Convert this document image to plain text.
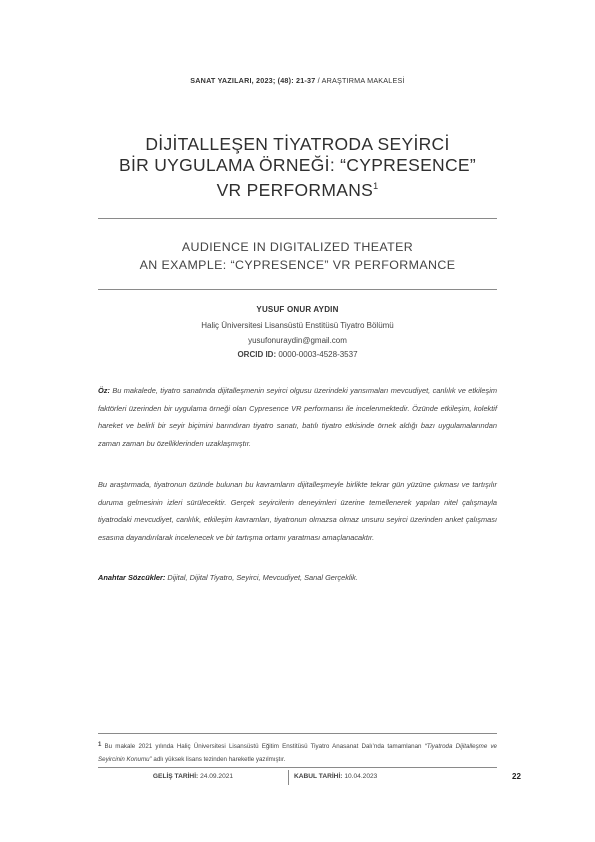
SANAT YAZILARI, 2023; (48): 21-37 / ARAŞTIRMA MAKALESİ
DİJİTALLEŞEN TİYATRODA SEYİRCİ
BİR UYGULAMA ÖRNEĞİ: “CYPRESENCE”
VR PERFORMANS$^1$
AUDIENCE IN DIGITALIZED THEATER
AN EXAMPLE: “CYPRESENCE” VR PERFORMANCE
YUSUF ONUR AYDIN
Haliç Üniversitesi Lisansüstü Enstitüsü Tiyatro Bölümü
yusufonuraydin@gmail.com
ORCID ID: 0000-0003-4528-3537

Öz: Bu makalede, tiyatro sanatında dijitalleşmenin seyirci olgusu üzerindeki yansımaları mevcudiyet, canlılık ve etkileşim faktörleri üzerinden bir uygulama örneği olan Cypresence VR performansı ile incelenmektedir. Özünde etkileşim, kolektif hareket ve belirli bir seyir biçimini barındıran tiyatro sanatı, batılı tiyatro etkisinde örnek aldığı bazı uygulamalarından zaman zaman bu özelliklerinden uzaklaşmıştır.

Bu araştırmada, tiyatronun özünde bulunan bu kavramların dijitalleşmeyle birlikte tekrar gün yüzüne çıkması ve tartışılır duruma gelmesinin izleri sürülecektir. Gerçek seyircilerin deneyimleri üzerine temellenerek yapılan nitel çalışmayla tiyatrodaki mevcudiyet, canlılık, etkileşim kavramları, tiyatronun olmazsa olmaz unsuru seyirci üzerinden anket çalışması esasına dayandırılarak incelenecek ve bir tartışma ortamı yaratması amaçlanacaktır.

Anahtar Sözcükler: Dijital, Dijital Tiyatro, Seyirci, Mevcudiyet, Sanal Gerçeklik.

$^1$ Bu makale 2021 yılında Haliç Üniversitesi Lisansüstü Eğitim Enstitüsü Tiyatro Anasanat Dalı’nda tamamlanan “Tiyatroda Dijitalleşme ve Seyircinin Konumu” adlı yüksek lisans tezinden hareketle yazılmıştır.
GELİŞ TARİHİ: 24.09.2021	KABUL TARİHİ: 10.04.2023	22
